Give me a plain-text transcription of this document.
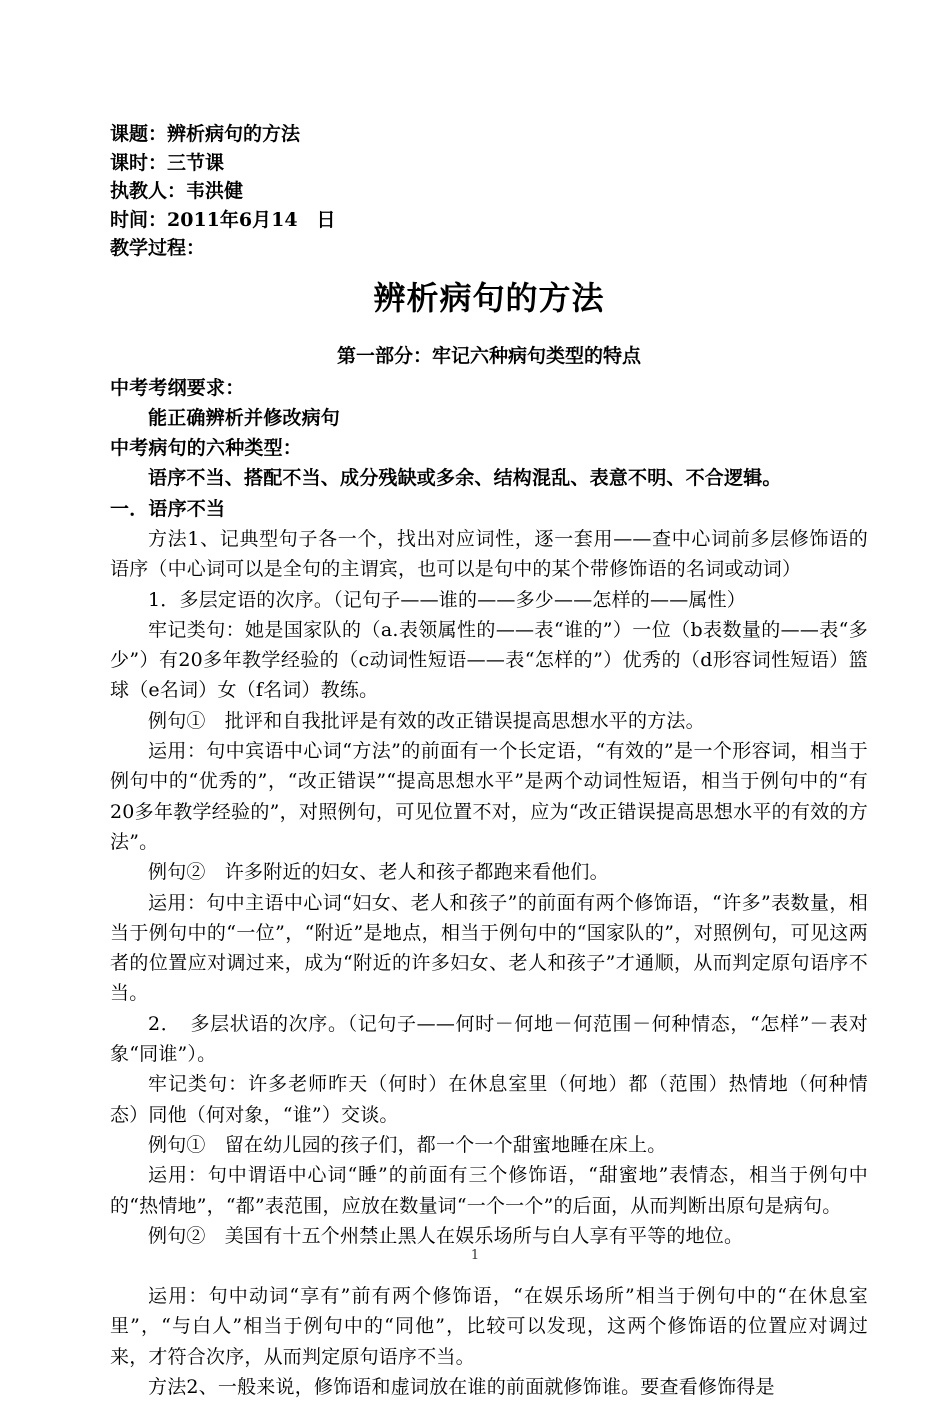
课题：辨析病句的方法
课时：三节课
执教人：韦洪健
时间：2011年6月14　日
教学过程：
辨析病句的方法
第一部分：牢记六种病句类型的特点

中考考纲要求：

能正确辨析并修改病句

中考病句的六种类型：

语序不当、搭配不当、成分残缺或多余、结构混乱、表意不明、不合逻辑。

一．语序不当

方法1、记典型句子各一个，找出对应词性，逐一套用——查中心词前多层修饰语的语序（中心词可以是全句的主谓宾，也可以是句中的某个带修饰语的名词或动词）

1．多层定语的次序。（记句子——谁的——多少——怎样的——属性）

牢记类句：她是国家队的（a.表领属性的——表“谁的”）一位（b表数量的——表“多少”）有20多年教学经验的（c动词性短语——表“怎样的”）优秀的（d形容词性短语）篮球（e名词）女（f名词）教练。

例句①　批评和自我批评是有效的改正错误提高思想水平的方法。

运用：句中宾语中心词“方法”的前面有一个长定语，“有效的”是一个形容词，相当于例句中的“优秀的”，“改正错误”“提高思想水平”是两个动词性短语，相当于例句中的“有20多年教学经验的”，对照例句，可见位置不对，应为“改正错误提高思想水平的有效的方法”。

例句②　许多附近的妇女、老人和孩子都跑来看他们。

运用：句中主语中心词“妇女、老人和孩子”的前面有两个修饰语，“许多”表数量，相当于例句中的“一位”，“附近”是地点，相当于例句中的“国家队的”，对照例句，可见这两者的位置应对调过来，成为“附近的许多妇女、老人和孩子”才通顺，从而判定原句语序不当。

2．　多层状语的次序。（记句子——何时－何地－何范围－何种情态，“怎样”－表对象“同谁”）。

牢记类句：许多老师昨天（何时）在休息室里（何地）都（范围）热情地（何种情态）同他（何对象，“谁”）交谈。

例句①　留在幼儿园的孩子们，都一个一个甜蜜地睡在床上。

运用：句中谓语中心词“睡”的前面有三个修饰语，“甜蜜地”表情态，相当于例句中的“热情地”，“都”表范围，应放在数量词“一个一个”的后面，从而判断出原句是病句。

例句②　美国有十五个州禁止黑人在娱乐场所与白人享有平等的地位。

运用：句中动词“享有”前有两个修饰语，“在娱乐场所”相当于例句中的“在休息室里”，“与白人”相当于例句中的“同他”，比较可以发现，这两个修饰语的位置应对调过来，才符合次序，从而判定原句语序不当。

方法2、一般来说，修饰语和虚词放在谁的前面就修饰谁。要查看修饰得是

1
